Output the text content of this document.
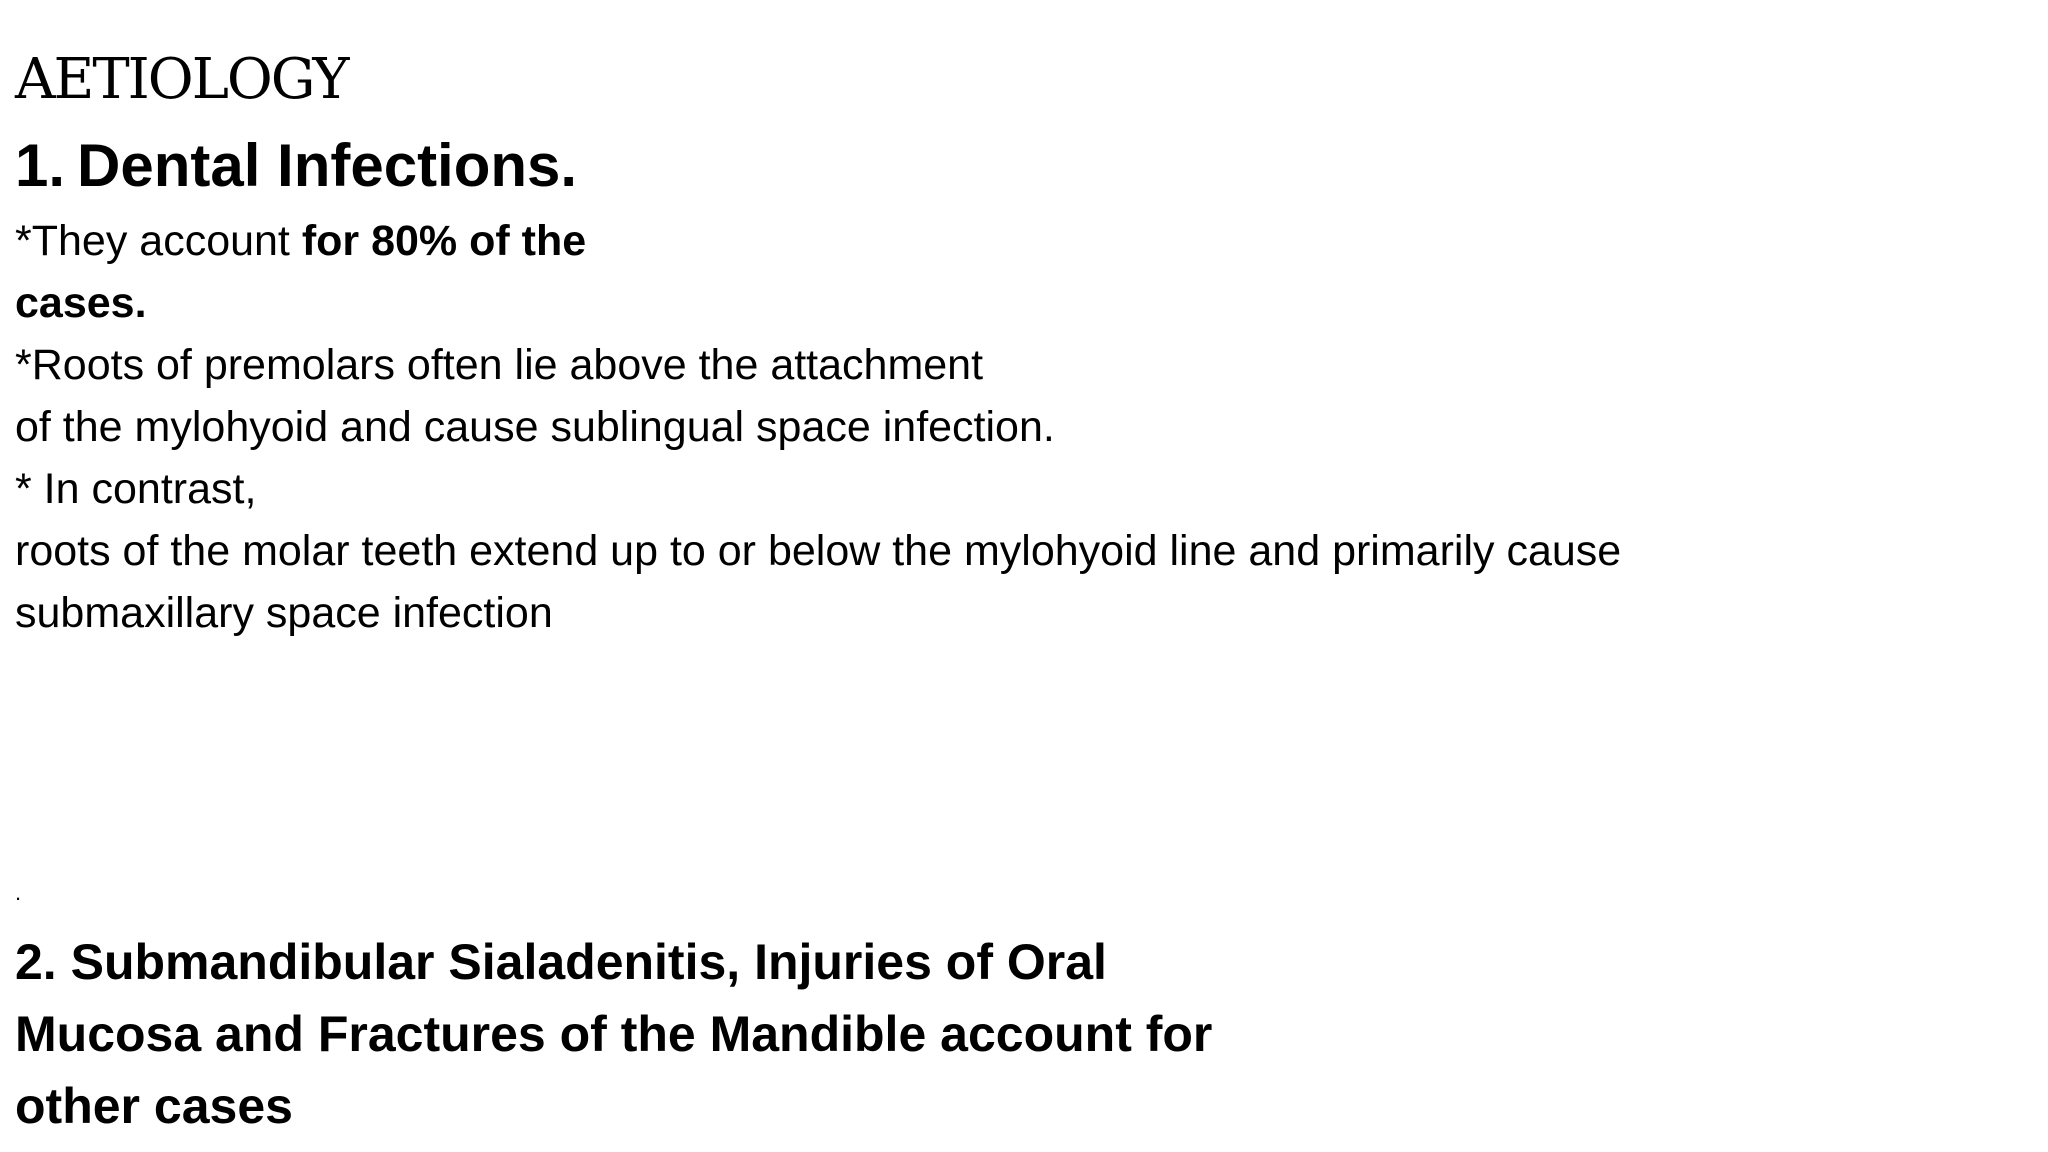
AETIOLOGY
1. Dental Infections.
*They account for 80% of the
cases.
*Roots of premolars often lie above the attachment
of the mylohyoid and cause sublingual space infection.
* In contrast,
roots of the molar teeth extend up to or below the mylohyoid line and primarily cause
submaxillary space infection
.
2. Submandibular Sialadenitis, Injuries of Oral
Mucosa and Fractures of the Mandible account for
other cases
